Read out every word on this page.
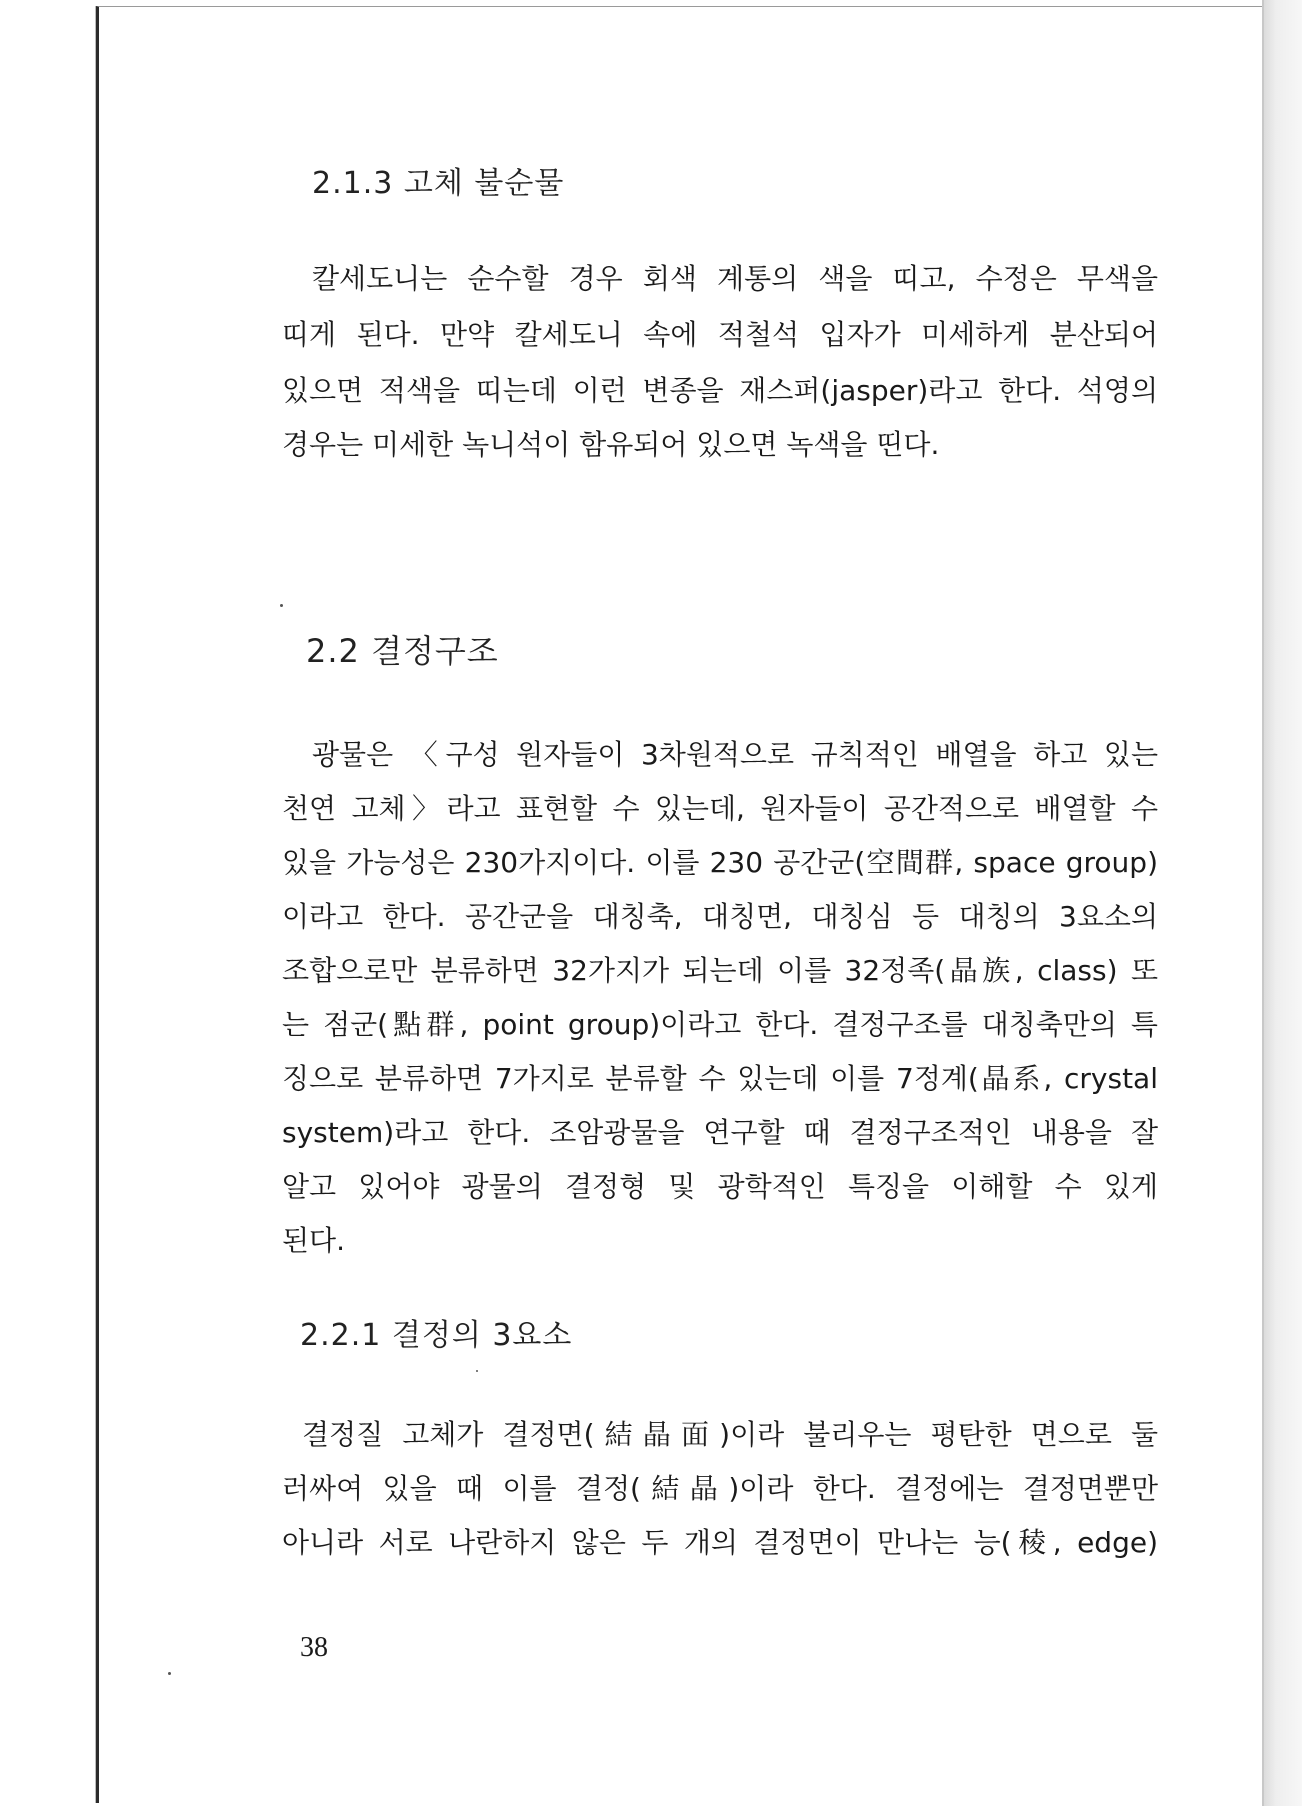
2.1.3 고체 불순물
칼세도니는 순수할 경우 회색 계통의 색을 띠고, 수정은 무색을
띠게 된다. 만약 칼세도니 속에 적철석 입자가 미세하게 분산되어
있으면 적색을 띠는데 이런 변종을 재스퍼(jasper)라고 한다. 석영의
경우는 미세한 녹니석이 함유되어 있으면 녹색을 띤다.
2.2 결정구조
광물은 〈구성 원자들이 3차원적으로 규칙적인 배열을 하고 있는
천연 고체〉라고 표현할 수 있는데, 원자들이 공간적으로 배열할 수
있을 가능성은 230가지이다. 이를 230 공간군(空間群, space group)
이라고 한다. 공간군을 대칭축, 대칭면, 대칭심 등 대칭의 3요소의
조합으로만 분류하면 32가지가 되는데 이를 32정족(晶族, class) 또
는 점군(點群, point group)이라고 한다. 결정구조를 대칭축만의 특
징으로 분류하면 7가지로 분류할 수 있는데 이를 7정계(晶系, crystal
system)라고 한다. 조암광물을 연구할 때 결정구조적인 내용을 잘
알고 있어야 광물의 결정형 및 광학적인 특징을 이해할 수 있게
된다.
2.2.1 결정의 3요소
결정질 고체가 결정면(結晶面)이라 불리우는 평탄한 면으로 둘
러싸여 있을 때 이를 결정(結晶)이라 한다. 결정에는 결정면뿐만
아니라 서로 나란하지 않은 두 개의 결정면이 만나는 능(稜, edge)
38
